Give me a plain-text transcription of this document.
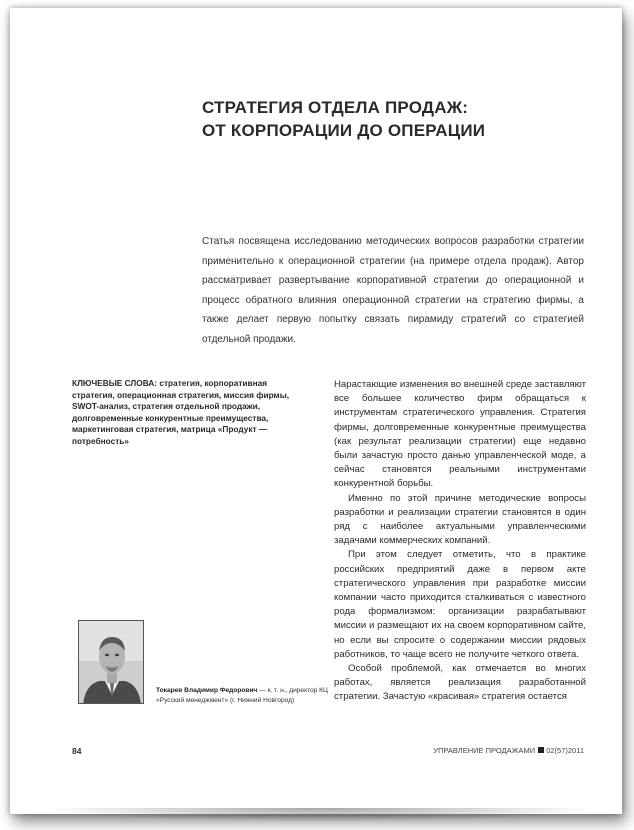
СТРАТЕГИЯ ОТДЕЛА ПРОДАЖ:
ОТ КОРПОРАЦИИ ДО ОПЕРАЦИИ
Статья посвящена исследованию методических вопросов разработки стратегии применительно к операционной стратегии (на примере отдела продаж). Автор рассматривает развертывание корпоративной стратегии до операционной и процесс обратного влияния операционной стратегии на стратегию фирмы, а также делает первую попытку связать пирамиду стратегий со стратегией отдельной продажи.
КЛЮЧЕВЫЕ СЛОВА: стратегия, корпоративная стратегия, операционная стратегия, миссия фирмы, SWOT-анализ, стратегия отдельной продажи, долговременные конкурентные преимущества, маркетинговая стратегия, матрица «Продукт — потребность»

Нарастающие изменения во внешней среде заставляют все большее количество фирм обращаться к инструментам стратегического управления. Стратегия фирмы, долговременные конкурентные преимущества (как результат реализации стратегии) еще недавно были зачастую просто данью управленческой моде, а сейчас становятся реальными инструментами конкурентной борьбы.

Именно по этой причине методические вопросы разработки и реализации стратегии становятся в один ряд с наиболее актуальными управленческими задачами коммерческих компаний.

При этом следует отметить, что в практике российских предприятий даже в первом акте стратегического управления при разработке миссии компании часто приходится сталкиваться с известного рода формализмом: организации разрабатывают миссии и размещают их на своем корпоративном сайте, но если вы спросите о содержании миссии рядовых работников, то чаще всего не получите четкого ответа.

Особой проблемой, как отмечается во многих работах, является реализация разработанной стратегии. Зачастую «красивая» стратегия остается

Токарев Владимир Федорович — к. т. н., директор КЦ
«Русский менеджмент» (г. Нижний Новгород)
84	УПРАВЛЕНИЕ ПРОДАЖАМИ 02(57)2011
